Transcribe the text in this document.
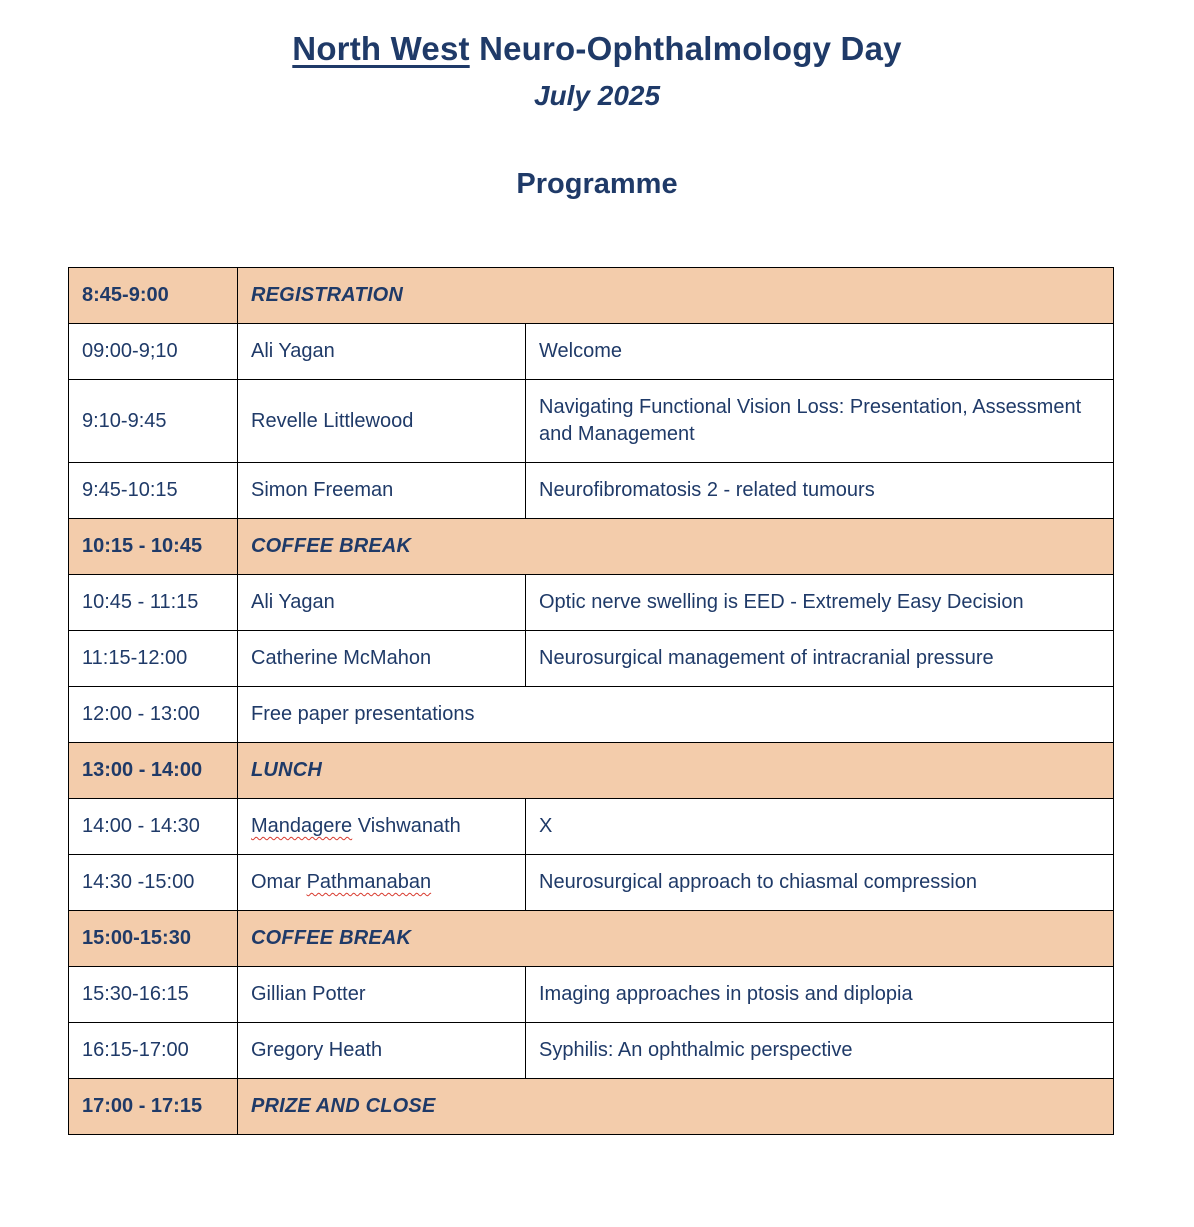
North West Neuro-Ophthalmology Day
July 2025
Programme
8:45-9:00	REGISTRATION	
09:00-9;10	Ali Yagan	Welcome
9:10-9:45	Revelle Littlewood	Navigating Functional Vision Loss: Presentation, Assessment and Management
9:45-10:15	Simon Freeman	Neurofibromatosis 2 - related tumours
10:15 - 10:45	COFFEE BREAK	
10:45 - 11:15	Ali Yagan	Optic nerve swelling is EED - Extremely Easy Decision
11:15-12:00	Catherine McMahon	Neurosurgical management of intracranial pressure
12:00 - 13:00	Free paper presentations	
13:00 - 14:00	LUNCH	
14:00 - 14:30	Mandagere Vishwanath	X
14:30 -15:00	Omar Pathmanaban	Neurosurgical approach to chiasmal compression
15:00-15:30	COFFEE BREAK	
15:30-16:15	Gillian Potter	Imaging approaches in ptosis and diplopia
16:15-17:00	Gregory Heath	Syphilis: An ophthalmic perspective
17:00 - 17:15	PRIZE AND CLOSE	
